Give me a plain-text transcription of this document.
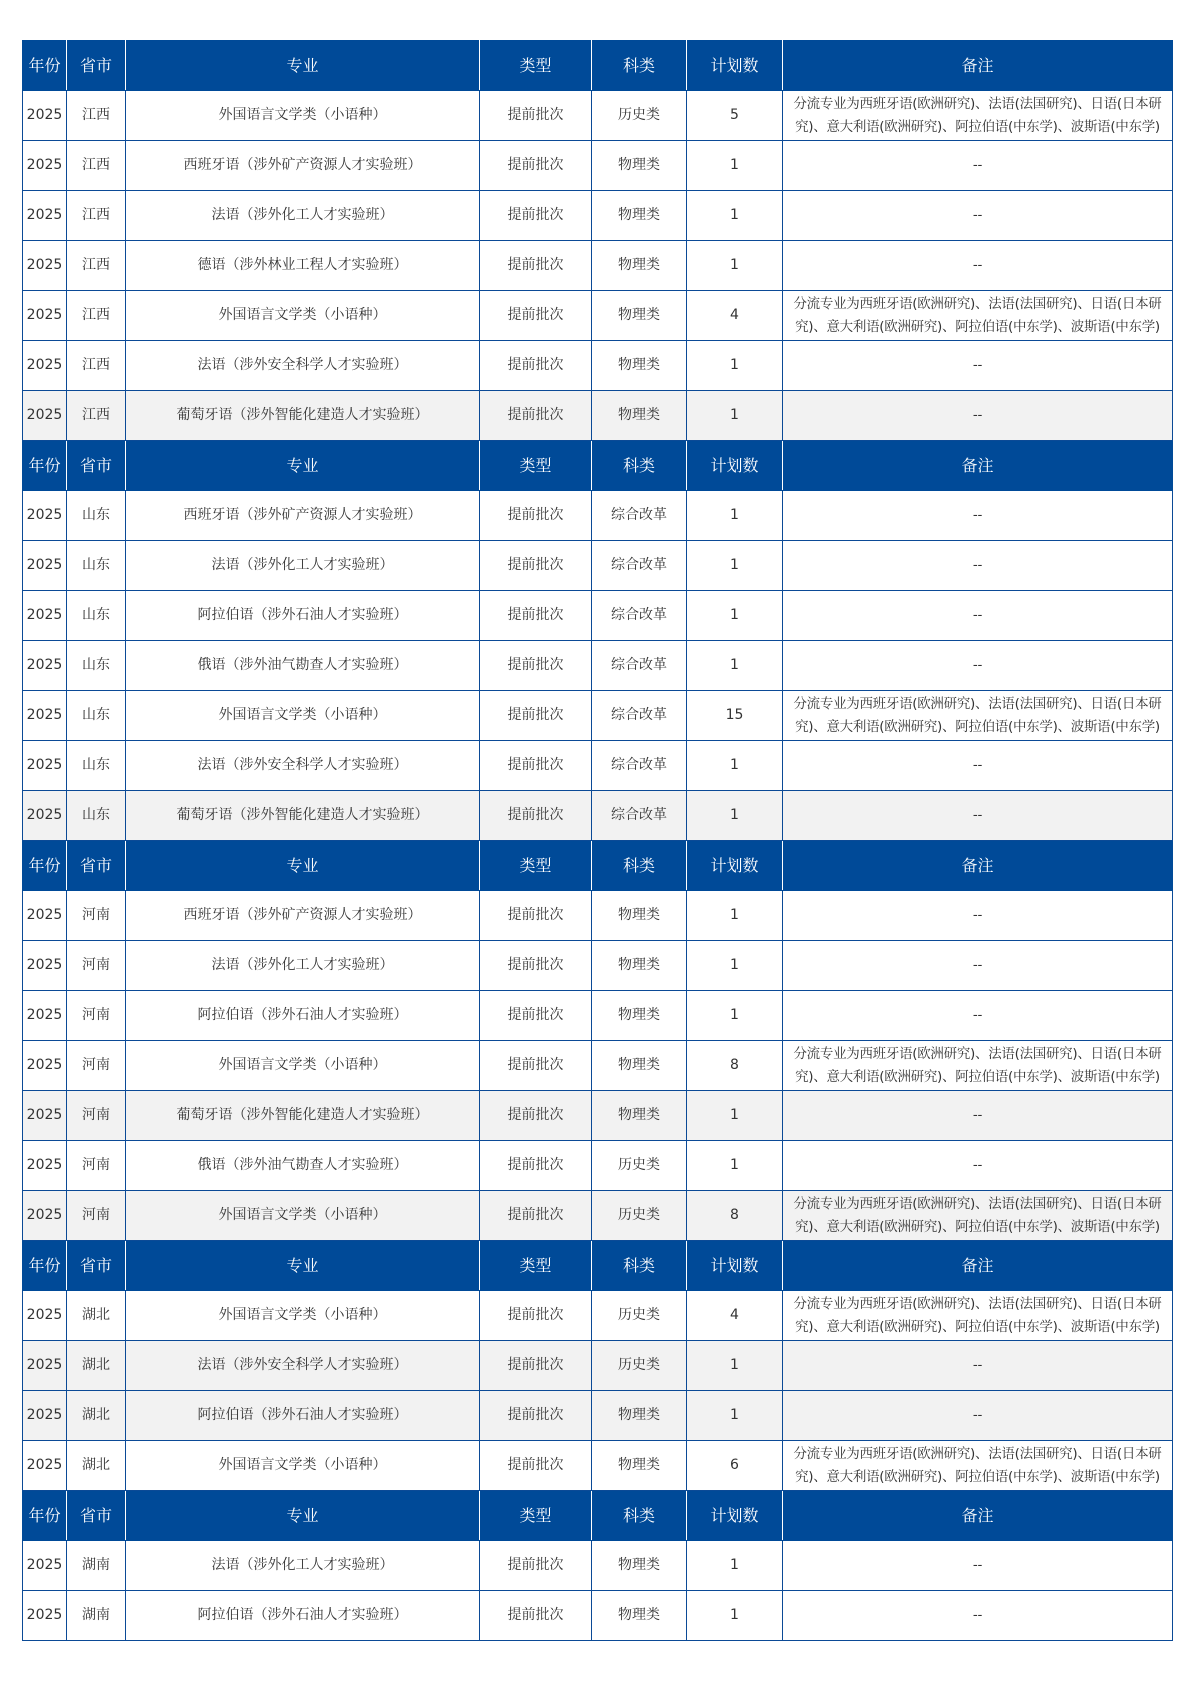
年份	省市	专业	类型	科类	计划数	备注
2025	江西	外国语言文学类（小语种）	提前批次	历史类	5	分流专业为西班牙语(欧洲研究)、法语(法国研究)、日语(日本研究)、意大利语(欧洲研究)、阿拉伯语(中东学)、波斯语(中东学)
2025	江西	西班牙语（涉外矿产资源人才实验班）	提前批次	物理类	1	--
2025	江西	法语（涉外化工人才实验班）	提前批次	物理类	1	--
2025	江西	德语（涉外林业工程人才实验班）	提前批次	物理类	1	--
2025	江西	外国语言文学类（小语种）	提前批次	物理类	4	分流专业为西班牙语(欧洲研究)、法语(法国研究)、日语(日本研究)、意大利语(欧洲研究)、阿拉伯语(中东学)、波斯语(中东学)
2025	江西	法语（涉外安全科学人才实验班）	提前批次	物理类	1	--
2025	江西	葡萄牙语（涉外智能化建造人才实验班）	提前批次	物理类	1	--
年份	省市	专业	类型	科类	计划数	备注
2025	山东	西班牙语（涉外矿产资源人才实验班）	提前批次	综合改革	1	--
2025	山东	法语（涉外化工人才实验班）	提前批次	综合改革	1	--
2025	山东	阿拉伯语（涉外石油人才实验班）	提前批次	综合改革	1	--
2025	山东	俄语（涉外油气勘查人才实验班）	提前批次	综合改革	1	--
2025	山东	外国语言文学类（小语种）	提前批次	综合改革	15	分流专业为西班牙语(欧洲研究)、法语(法国研究)、日语(日本研究)、意大利语(欧洲研究)、阿拉伯语(中东学)、波斯语(中东学)
2025	山东	法语（涉外安全科学人才实验班）	提前批次	综合改革	1	--
2025	山东	葡萄牙语（涉外智能化建造人才实验班）	提前批次	综合改革	1	--
年份	省市	专业	类型	科类	计划数	备注
2025	河南	西班牙语（涉外矿产资源人才实验班）	提前批次	物理类	1	--
2025	河南	法语（涉外化工人才实验班）	提前批次	物理类	1	--
2025	河南	阿拉伯语（涉外石油人才实验班）	提前批次	物理类	1	--
2025	河南	外国语言文学类（小语种）	提前批次	物理类	8	分流专业为西班牙语(欧洲研究)、法语(法国研究)、日语(日本研究)、意大利语(欧洲研究)、阿拉伯语(中东学)、波斯语(中东学)
2025	河南	葡萄牙语（涉外智能化建造人才实验班）	提前批次	物理类	1	--
2025	河南	俄语（涉外油气勘查人才实验班）	提前批次	历史类	1	--
2025	河南	外国语言文学类（小语种）	提前批次	历史类	8	分流专业为西班牙语(欧洲研究)、法语(法国研究)、日语(日本研究)、意大利语(欧洲研究)、阿拉伯语(中东学)、波斯语(中东学)
年份	省市	专业	类型	科类	计划数	备注
2025	湖北	外国语言文学类（小语种）	提前批次	历史类	4	分流专业为西班牙语(欧洲研究)、法语(法国研究)、日语(日本研究)、意大利语(欧洲研究)、阿拉伯语(中东学)、波斯语(中东学)
2025	湖北	法语（涉外安全科学人才实验班）	提前批次	历史类	1	--
2025	湖北	阿拉伯语（涉外石油人才实验班）	提前批次	物理类	1	--
2025	湖北	外国语言文学类（小语种）	提前批次	物理类	6	分流专业为西班牙语(欧洲研究)、法语(法国研究)、日语(日本研究)、意大利语(欧洲研究)、阿拉伯语(中东学)、波斯语(中东学)
年份	省市	专业	类型	科类	计划数	备注
2025	湖南	法语（涉外化工人才实验班）	提前批次	物理类	1	--
2025	湖南	阿拉伯语（涉外石油人才实验班）	提前批次	物理类	1	--
